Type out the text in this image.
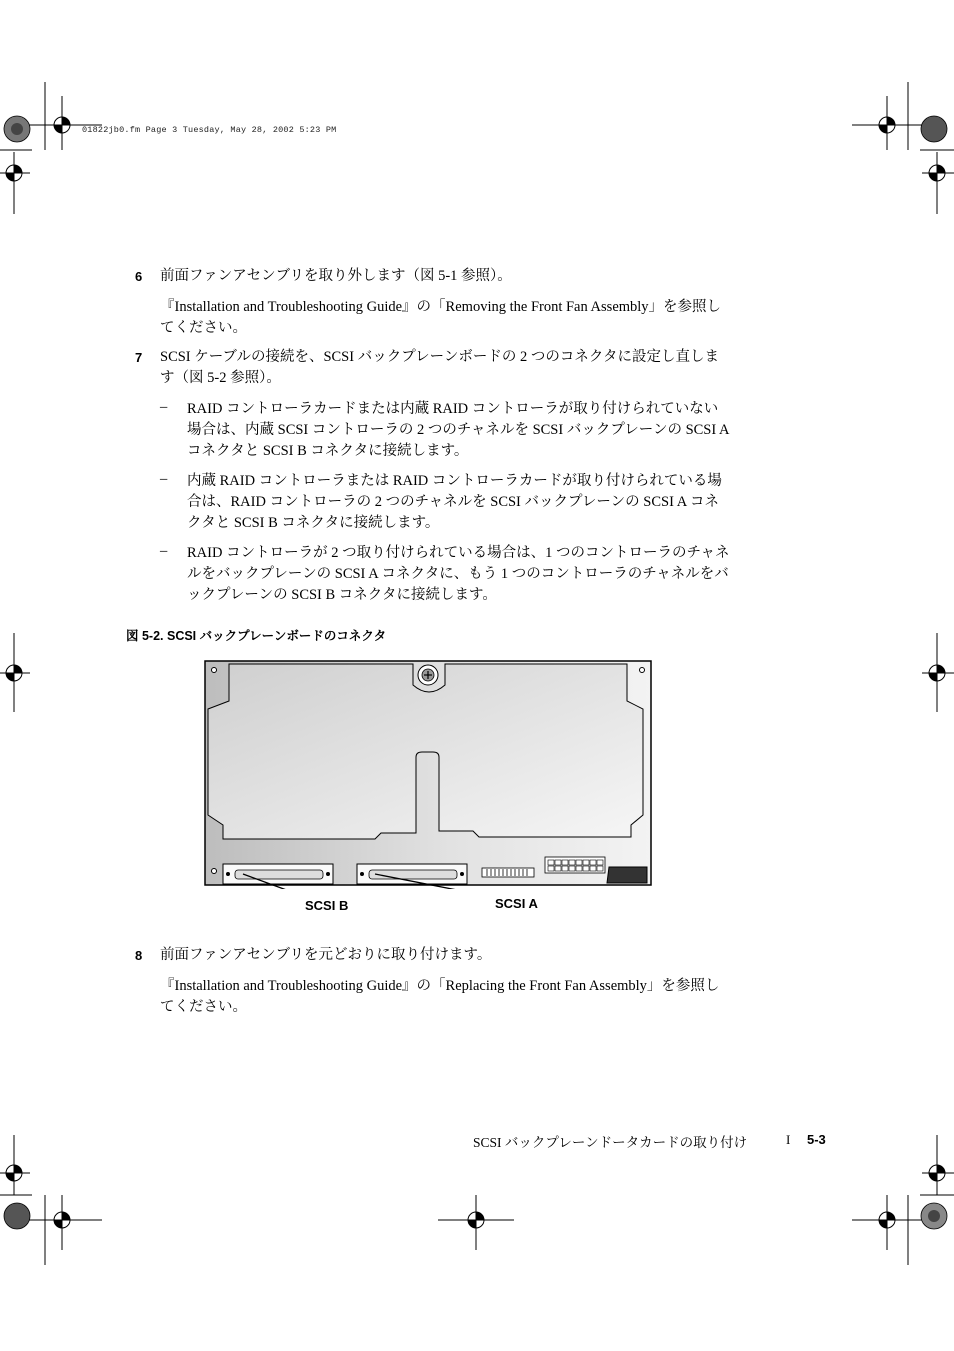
01822jb0.fm Page 3 Tuesday, May 28, 2002 5:23 PM
6 前面ファンアセンブリを取り外します（図 5-1 参照）。
『Installation and Troubleshooting Guide』の「Removing the Front Fan Assembly」を参照してください。
7 SCSI ケーブルの接続を、SCSI バックプレーンボードの 2 つのコネクタに設定し直します（図 5-2 参照）。
– RAID コントローラカードまたは内蔵 RAID コントローラが取り付けられていない場合は、内蔵 SCSI コントローラの 2 つのチャネルを SCSI バックプレーンの SCSI A コネクタと SCSI B コネクタに接続します。
– 内蔵 RAID コントローラまたは RAID コントローラカードが取り付けられている場合は、RAID コントローラの 2 つのチャネルを SCSI バックプレーンの SCSI A コネクタと SCSI B コネクタに接続します。
– RAID コントローラが 2 つ取り付けられている場合は、1 つのコントローラのチャネルをバックプレーンの SCSI A コネクタに、もう 1 つのコントローラのチャネルをバックプレーンの SCSI B コネクタに接続します。
図 5-2. SCSI バックプレーンボードのコネクタ
SCSI B	SCSI A
8 前面ファンアセンブリを元どおりに取り付けます。
『Installation and Troubleshooting Guide』の「Replacing the Front Fan Assembly」を参照してください。
SCSI バックプレーンドータカードの取り付け	I 5-3
